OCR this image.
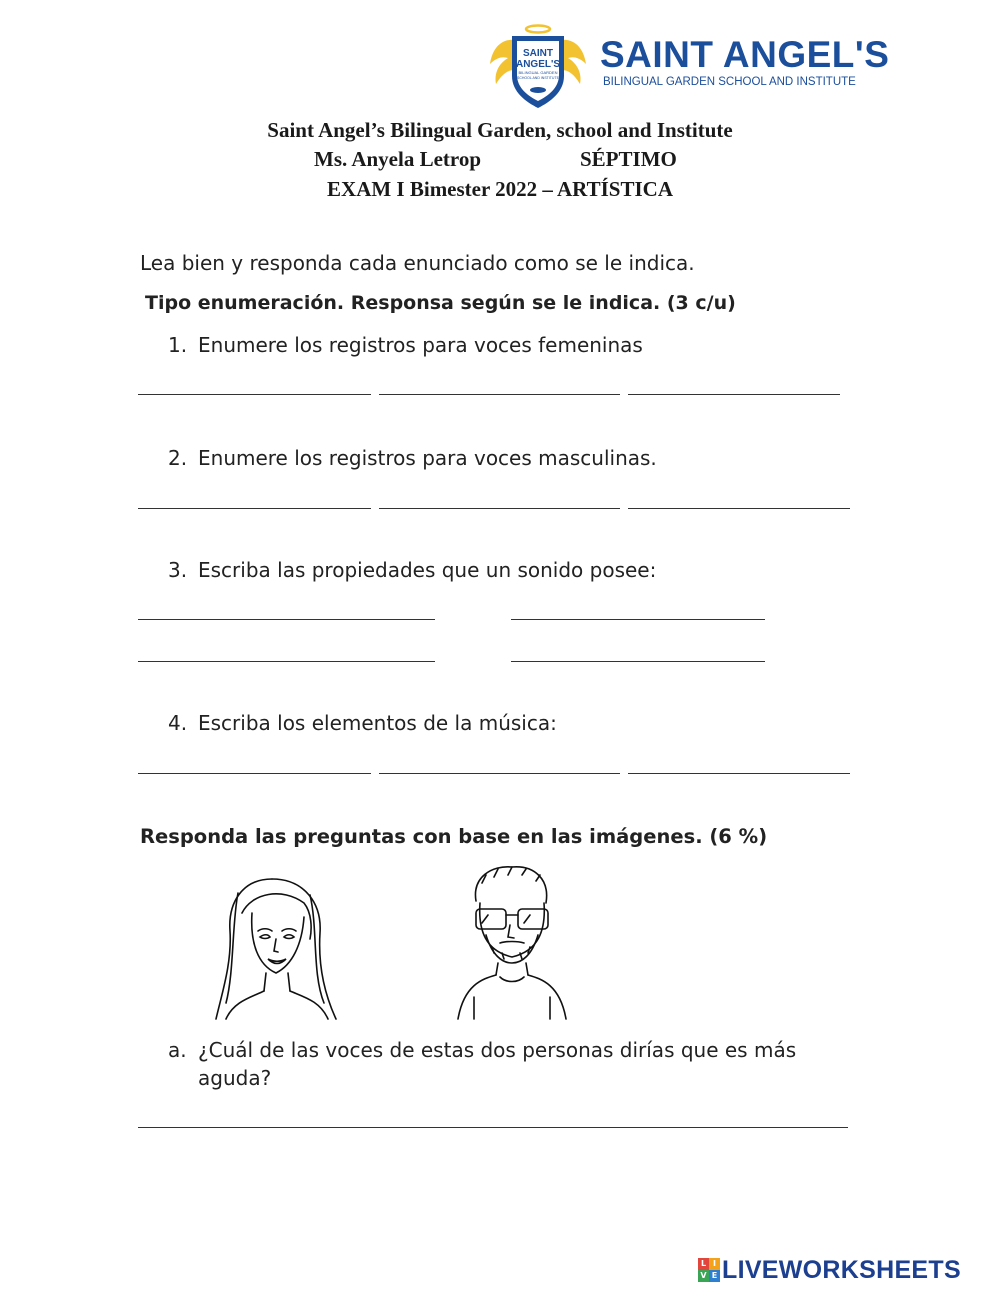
SAINT
ANGEL'S
BILINGUAL GARDEN
SCHOOL AND INSTITUTE
SAINT ANGEL'S
BILINGUAL GARDEN SCHOOL AND INSTITUTE
Saint Angel’s Bilingual Garden, school and Institute
Ms. Anyela Letrop	SÉPTIMO
EXAM I Bimester 2022 – ARTÍSTICA
Lea bien y responda cada enunciado como se le indica.
Tipo enumeración. Responsa según se le indica. (3 c/u)
1. Enumere los registros para voces femeninas
2. Enumere los registros para voces masculinas.
3. Escriba las propiedades que un sonido posee:
4. Escriba los elementos de la música:
Responda las preguntas con base en las imágenes. (6 %)
a. ¿Cuál de las voces de estas dos personas dirías que es más
aguda?
L I
V E LIVEWORKSHEETS
